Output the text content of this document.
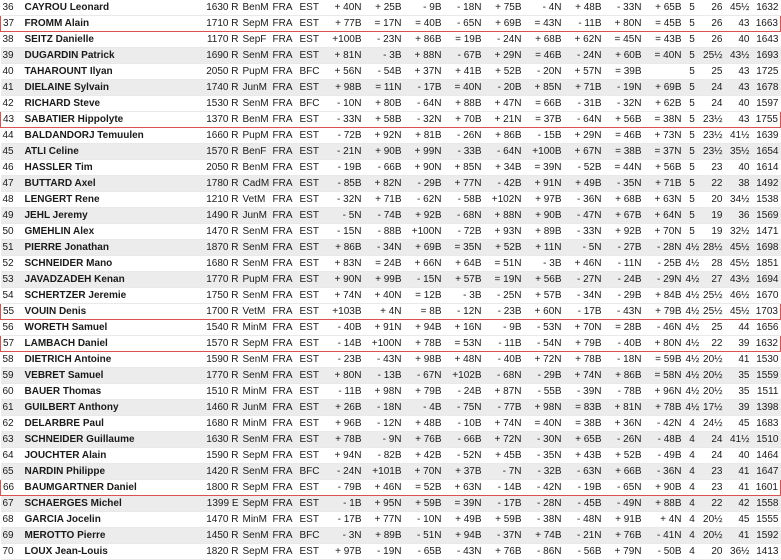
36	CAYROU Leonard	1630 R	BenM	FRA	EST	+ 40N	+ 25B	- 9B	- 18N	+ 75B	- 4N	+ 48B	- 33N	+ 65B	5	26	45½	1632
37	FROMM Alain	1710 R	SepM	FRA	EST	+ 77B	= 17N	= 40B	- 65N	+ 69B	= 43N	- 11B	+ 80N	= 45B	5	26	43	1663
38	SEITZ Danielle	1170 R	SepF	FRA	EST	+100B	- 23N	+ 86B	= 19B	- 24N	+ 68B	+ 62N	= 45N	= 43B	5	26	40	1643
39	DUGARDIN Patrick	1690 R	SenM	FRA	EST	+ 81N	- 3B	+ 88N	- 67B	+ 29N	= 46B	- 24N	+ 60B	= 40N	5	25½	43½	1693
40	TAHAROUNT Ilyan	2050 R	PupM	FRA	BFC	+ 56N	- 54B	+ 37N	+ 41B	+ 52B	- 20N	+ 57N	= 39B		5	25	43	1725
41	DIELAINE Sylvain	1740 R	JunM	FRA	EST	+ 98B	= 11N	- 17B	= 40N	- 20B	+ 85N	+ 71B	- 19N	+ 69B	5	24	43	1678
42	RICHARD Steve	1530 R	SenM	FRA	BFC	- 10N	+ 80B	- 64N	+ 88B	+ 47N	= 66B	- 31B	- 32N	+ 62B	5	24	40	1597
43	SABATIER Hippolyte	1370 R	BenM	FRA	EST	- 33N	+ 58B	- 32N	+ 70B	+ 21N	= 37B	- 64N	+ 56B	= 38N	5	23½	43	1755
44	BALDANDORJ Temuulen	1660 R	PupM	FRA	EST	- 72B	+ 92N	+ 81B	- 26N	+ 86B	- 15B	+ 29N	= 46B	+ 73N	5	23½	41½	1639
45	ATLI Celine	1570 R	BenF	FRA	EST	- 21N	+ 90B	+ 99N	- 33B	- 64N	+100B	+ 67N	= 38B	= 37N	5	23½	35½	1654
46	HASSLER Tim	2050 R	BenM	FRA	EST	- 19B	- 66B	+ 90N	+ 85N	+ 34B	= 39N	- 52B	= 44N	+ 56B	5	23	40	1614
47	BUTTARD Axel	1780 R	CadM	FRA	EST	- 85B	+ 82N	- 29B	+ 77N	- 42B	+ 91N	+ 49B	- 35N	+ 71B	5	22	38	1492
48	LENGERT Rene	1210 R	VetM	FRA	EST	- 32N	+ 71B	- 62N	- 58B	+102N	+ 97B	- 36N	+ 68B	+ 63N	5	20	34½	1538
49	JEHL Jeremy	1490 R	JunM	FRA	EST	- 5N	- 74B	+ 92B	- 68N	+ 88N	+ 90B	- 47N	+ 67B	+ 64N	5	19	36	1569
50	GMEHLIN Alex	1470 R	SenM	FRA	EST	- 15N	- 88B	+100N	- 72B	+ 93N	+ 89B	- 33N	+ 92B	+ 70N	5	19	32½	1471
51	PIERRE Jonathan	1870 R	SenM	FRA	EST	+ 86B	- 34N	+ 69B	= 35N	+ 52B	+ 11N	- 5N	- 27B	- 28N	4½	28½	45½	1698
52	SCHNEIDER Mano	1680 R	SenM	FRA	EST	+ 83N	= 24B	+ 66N	+ 64B	= 51N	- 3B	+ 46N	- 11N	- 25B	4½	28	45½	1851
53	JAVADZADEH Kenan	1770 R	PupM	FRA	EST	+ 90N	+ 99B	- 15N	+ 57B	= 19N	+ 56B	- 27N	- 24B	- 29N	4½	27	43½	1694
54	SCHERTZER Jeremie	1750 R	SenM	FRA	EST	+ 74N	+ 40N	= 12B	- 3B	- 25N	+ 57B	- 34N	- 29B	+ 84B	4½	25½	46½	1670
55	VOUIN Denis	1700 R	VetM	FRA	EST	+103B	+ 4N	= 8B	- 12N	- 23B	+ 60N	- 17B	- 43N	+ 79B	4½	25½	45½	1703
56	WORETH Samuel	1540 R	MinM	FRA	EST	- 40B	+ 91N	+ 94B	+ 16N	- 9B	- 53N	+ 70N	= 28B	- 46N	4½	25	44	1656
57	LAMBACH Daniel	1570 R	SepM	FRA	EST	- 14B	+100N	+ 78B	= 53N	- 11B	- 54N	+ 79B	- 40B	+ 80N	4½	22	39	1632
58	DIETRICH Antoine	1590 R	SenM	FRA	EST	- 23B	- 43N	+ 98B	+ 48N	- 40B	+ 72N	+ 78B	- 18N	= 59B	4½	20½	41	1530
59	VEBRET Samuel	1770 R	SenM	FRA	EST	+ 80N	- 13B	- 67N	+102B	- 68N	- 29B	+ 74N	+ 86B	= 58N	4½	20½	35	1559
60	BAUER Thomas	1510 R	MinM	FRA	EST	- 11B	+ 98N	+ 79B	- 24B	+ 87N	- 55B	- 39N	- 78B	+ 96N	4½	20½	35	1511
61	GUILBERT Anthony	1460 R	JunM	FRA	EST	+ 26B	- 18N	- 4B	- 75N	- 77B	+ 98N	= 83B	+ 81N	+ 78B	4½	17½	39	1398
62	DELARBRE Paul	1680 R	MinM	FRA	EST	+ 96B	- 12N	+ 48B	- 10B	+ 74N	= 40N	= 38B	+ 36N	- 42N	4	24½	45	1683
63	SCHNEIDER Guillaume	1630 R	SenM	FRA	EST	+ 78B	- 9N	+ 76B	- 66B	+ 72N	- 30N	+ 65B	- 26N	- 48B	4	24	41½	1510
64	JOUCHTER Alain	1590 R	SepM	FRA	EST	+ 94N	- 82B	+ 42B	- 52N	+ 45B	- 35N	+ 43B	+ 52B	- 49B	4	24	40	1464
65	NARDIN Philippe	1420 R	SenM	FRA	BFC	- 24N	+101B	+ 70N	+ 37B	- 7N	- 32B	- 63N	+ 66B	- 36N	4	23	41	1647
66	BAUMGARTNER Daniel	1800 R	SepM	FRA	EST	- 79B	+ 46N	= 52B	+ 63N	- 14B	- 42N	- 19B	- 65N	+ 90B	4	23	41	1601
67	SCHAERGES Michel	1399 E	SepM	FRA	EST	- 1B	+ 95N	+ 59B	= 39N	- 17B	- 28N	- 45B	- 49N	+ 88B	4	22	42	1558
68	GARCIA Jocelin	1470 R	MinM	FRA	EST	- 17B	+ 77N	- 10N	+ 49B	+ 59B	- 38N	- 48N	+ 91B	+ 4N	4	20½	45	1555
69	MEROTTO Pierre	1450 R	SenM	FRA	BFC	- 3N	+ 89B	- 51N	+ 94B	- 37N	+ 74B	- 21N	+ 76B	- 41N	4	20½	41	1592
70	LOUX Jean-Louis	1820 R	SepM	FRA	EST	+ 97B	- 19N	- 65B	- 43N	+ 76B	- 86N	- 56B	+ 79N	- 50B	4	20	36½	1413
